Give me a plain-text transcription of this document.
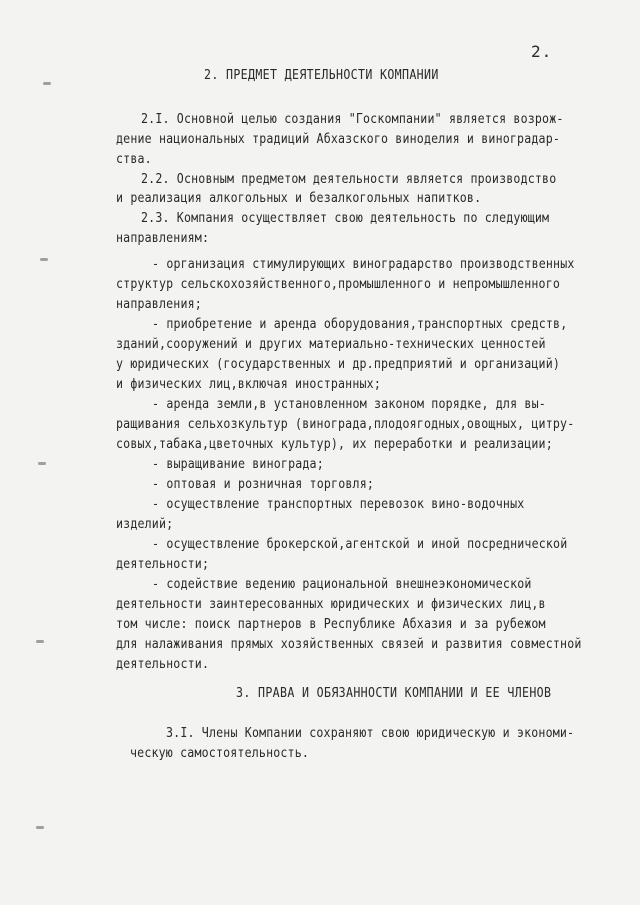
2.
2. ПРЕДМЕТ ДЕЯТЕЛЬНОСТИ КОМПАНИИ
2.I. Основной целью создания "Госкомпании" является возрож-
дение национальных традиций Абхазского виноделия и виноградар-
ства.
2.2. Основным предметом деятельности является производство
и реализация алкогольных и безалкогольных напитков.
2.3. Компания осуществляет свою деятельность по следующим
направлениям:
- организация стимулирующих виноградарство производственных
структур сельскохозяйственного,промышленного и непромышленного
направления;
- приобретение и аренда оборудования,транспортных средств,
зданий,сооружений и других материально-технических ценностей
у юридических (государственных и др.предприятий и организаций)
и физических лиц,включая иностранных;
- аренда земли,в установленном законом порядке, для вы-
ращивания сельхозкультур (винограда,плодоягодных,овощных, цитру-
совых,табака,цветочных культур), их переработки и реализации;
- выращивание винограда;
- оптовая и розничная торговля;
- осуществление транспортных перевозок вино-водочных
изделий;
- осуществление брокерской,агентской и иной посреднической
деятельности;
- содействие ведению рациональной внешнеэкономической
деятельности заинтересованных юридических и физических лиц,в
том числе: поиск партнеров в Республике Абхазия и за рубежом
для налаживания прямых хозяйственных связей и развития совместной
деятельности.
3. ПРАВА И ОБЯЗАННОСТИ КОМПАНИИ И ЕЕ ЧЛЕНОВ
3.I. Члены Компании сохраняют свою юридическую и экономи-
ческую самостоятельность.
